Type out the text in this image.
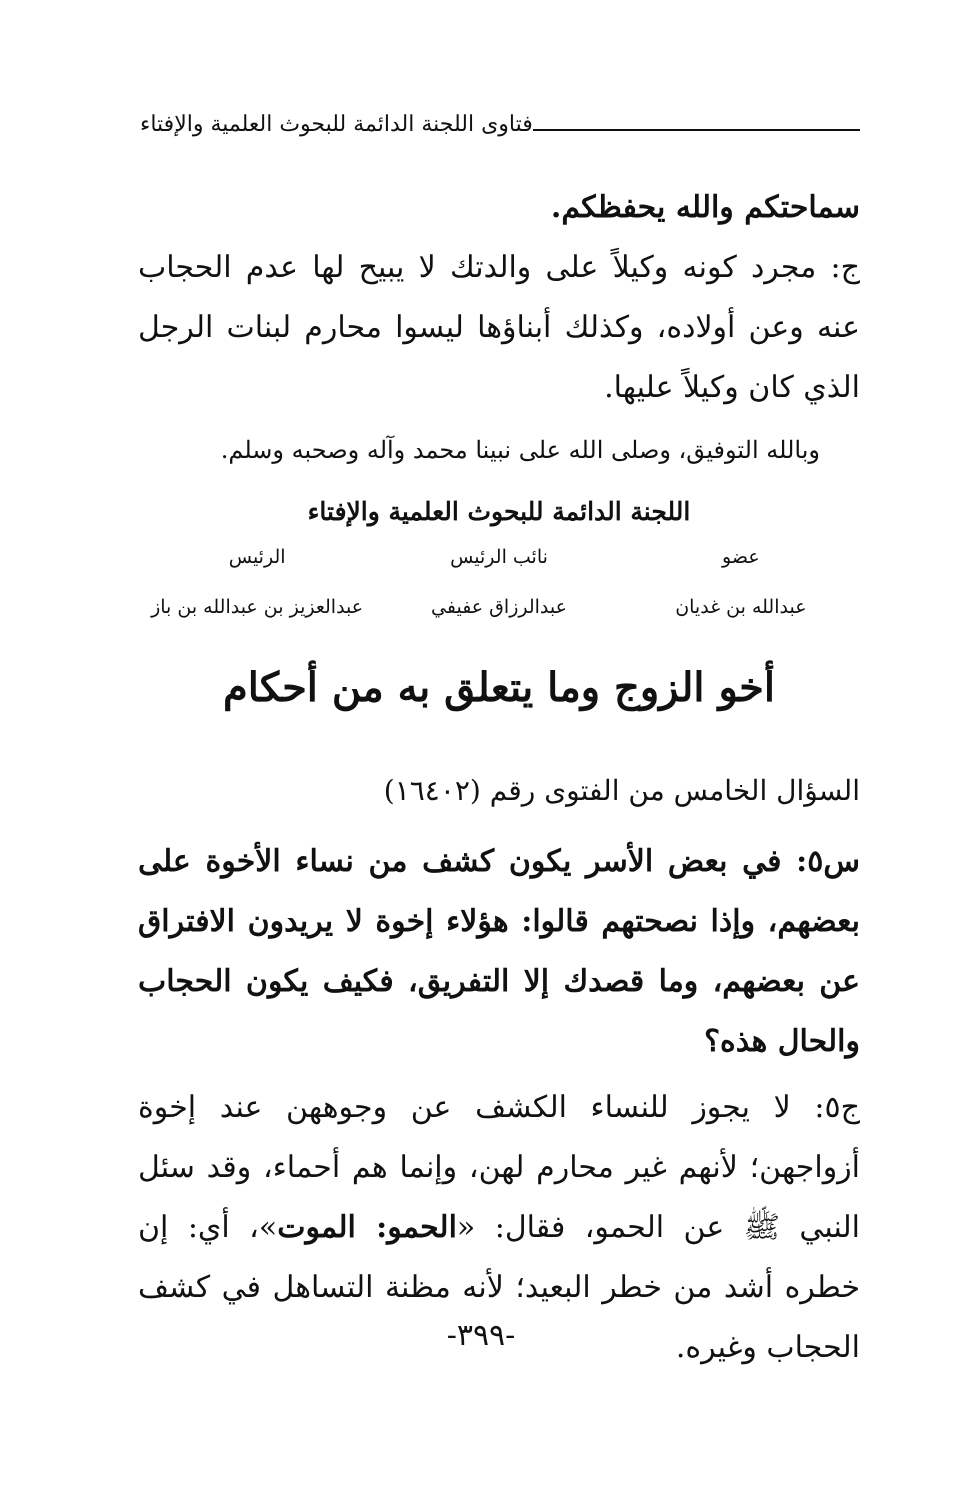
فتاوى اللجنة الدائمة للبحوث العلمية والإفتاء

سماحتكم والله يحفظكم.

ج: مجرد كونه وكيلاً على والدتك لا يبيح لها عدم الحجاب عنه وعن أولاده، وكذلك أبناؤها ليسوا محارم لبنات الرجل الذي كان وكيلاً عليها.

وبالله التوفيق، وصلى الله على نبينا محمد وآله وصحبه وسلم.

اللجنة الدائمة للبحوث العلمية والإفتاء

عضو
نائب الرئيس
الرئيس
عبدالله بن غديان
عبدالرزاق عفيفي
عبدالعزيز بن عبدالله بن باز
أخو الزوج وما يتعلق به من أحكام

السؤال الخامس من الفتوى رقم (١٦٤٠٢)

س٥: في بعض الأسر يكون كشف من نساء الأخوة على بعضهم، وإذا نصحتهم قالوا: هؤلاء إخوة لا يريدون الافتراق عن بعضهم، وما قصدك إلا التفريق، فكيف يكون الحجاب والحال هذه؟

ج٥: لا يجوز للنساء الكشف عن وجوههن عند إخوة أزواجهن؛ لأنهم غير محارم لهن، وإنما هم أحماء، وقد سئل النبي ﷺ عن الحمو، فقال: «الحمو: الموت»، أي: إن خطره أشد من خطر البعيد؛ لأنه مظنة التساهل في كشف الحجاب وغيره.

-٣٩٩-
